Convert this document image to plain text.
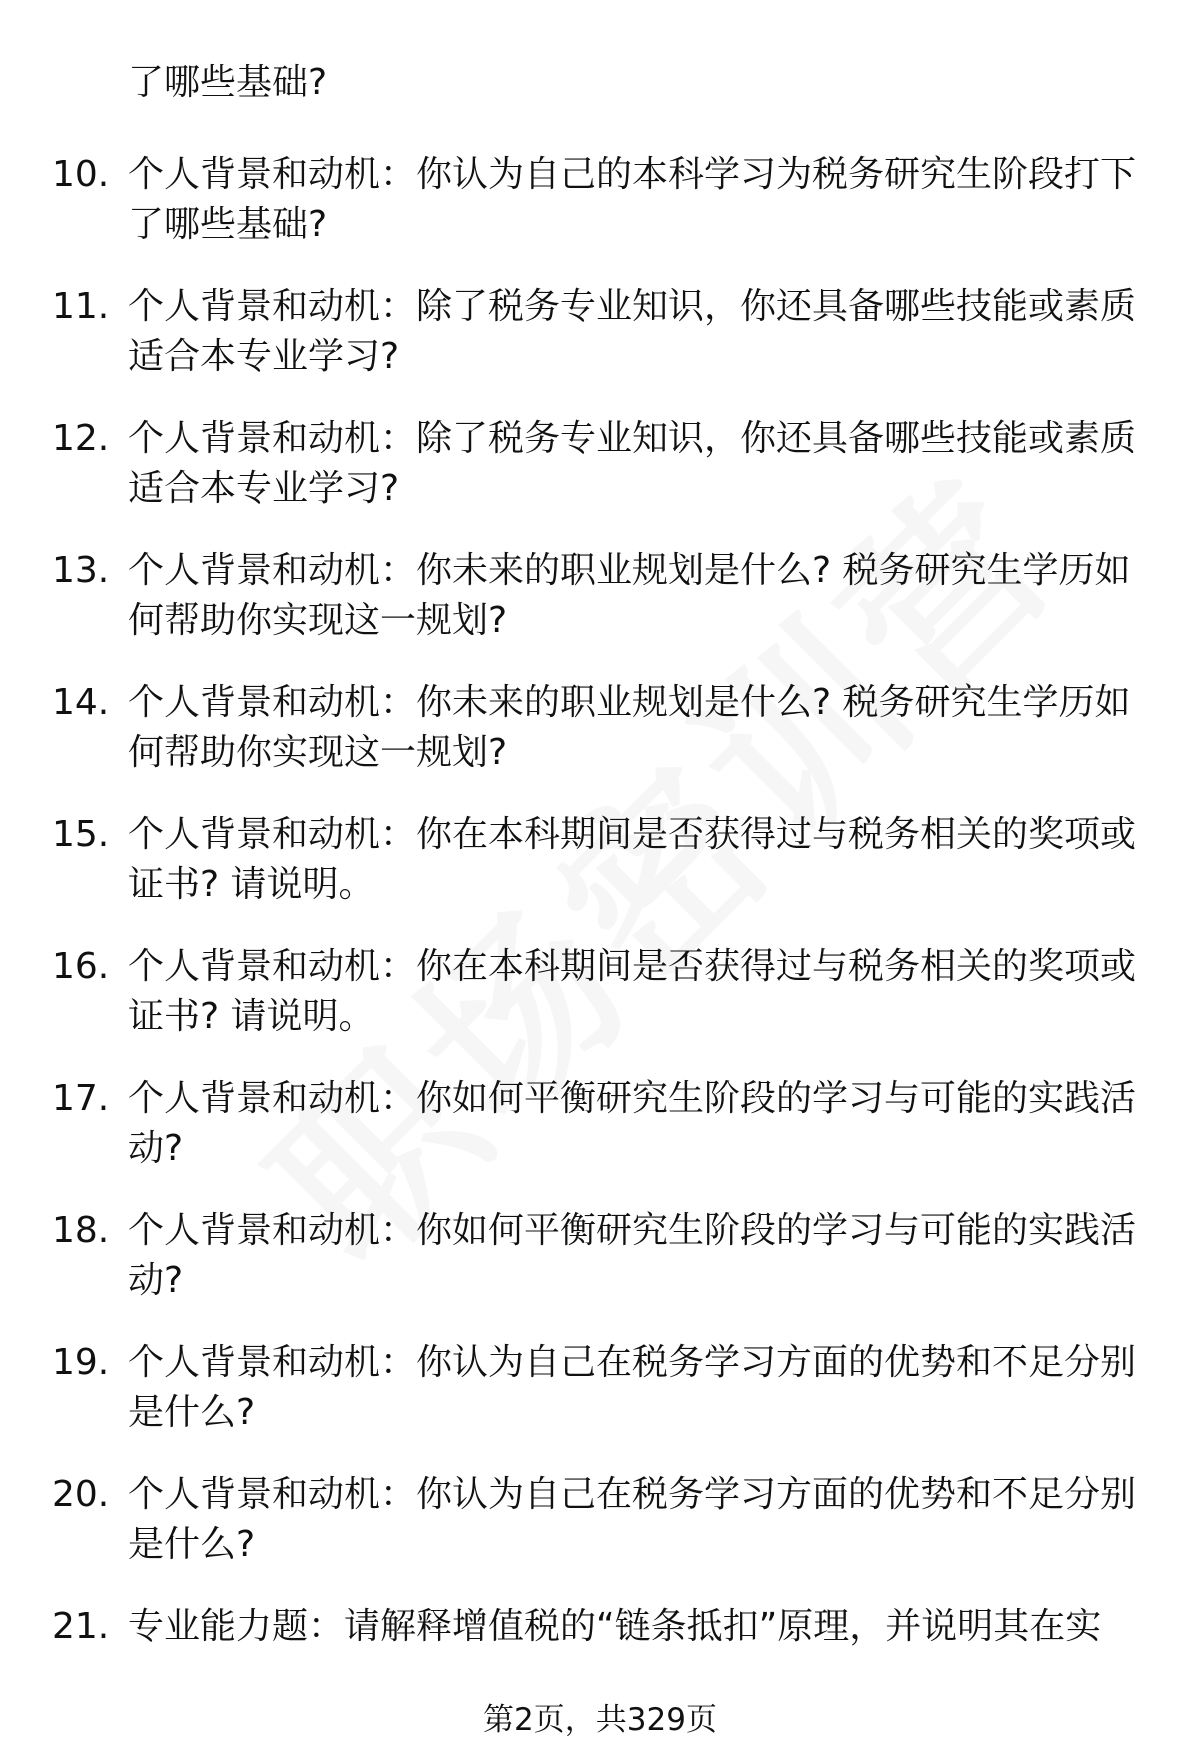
了哪些基础?
10. 个人背景和动机：你认为自己的本科学习为税务研究生阶段打下了哪些基础?
11. 个人背景和动机：除了税务专业知识，你还具备哪些技能或素质适合本专业学习?
12. 个人背景和动机：除了税务专业知识，你还具备哪些技能或素质适合本专业学习?
13. 个人背景和动机：你未来的职业规划是什么? 税务研究生学历如何帮助你实现这一规划?
14. 个人背景和动机：你未来的职业规划是什么? 税务研究生学历如何帮助你实现这一规划?
15. 个人背景和动机：你在本科期间是否获得过与税务相关的奖项或证书? 请说明。
16. 个人背景和动机：你在本科期间是否获得过与税务相关的奖项或证书? 请说明。
17. 个人背景和动机：你如何平衡研究生阶段的学习与可能的实践活动?
18. 个人背景和动机：你如何平衡研究生阶段的学习与可能的实践活动?
19. 个人背景和动机：你认为自己在税务学习方面的优势和不足分别是什么?
20. 个人背景和动机：你认为自己在税务学习方面的优势和不足分别是什么?
21. 专业能力题：请解释增值税的“链条抵扣”原理，并说明其在实
第2页，共329页
